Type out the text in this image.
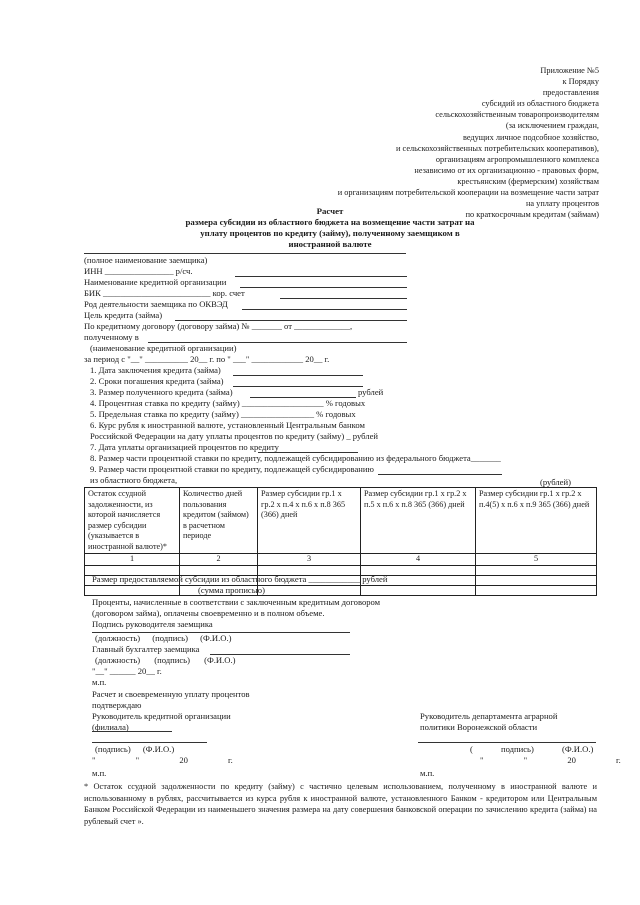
Приложение №5
к Порядку
предоставления
субсидий из областного бюджета
сельскохозяйственным товаропроизводителям
(за исключением граждан,
ведущих личное подсобное хозяйство,
и сельскохозяйственных потребительских кооперативов),
организациям агропромышленного комплекса
независимо от их организационно - правовых форм,
крестьянским (фермерским) хозяйствам
и организациям потребительской кооперации на возмещение части затрат
на уплату процентов
по краткосрочным кредитам (займам)
Расчет
размера субсидии из областного бюджета на возмещение части затрат на
уплату процентов по кредиту (займу), полученному заемщиком в
иностранной валюте
(полное наименование заемщика)
ИНН ________________ р/сч.
Наименование кредитной организации
БИК _________________________ кор. счет
Род деятельности заемщика по ОКВЭД
Цель кредита (займа)
По кредитному договору (договору займа) № _______ от _____________,
полученному в
(наименование кредитной организации)
за период с "__" __________ 20__ г. по " ___" ____________ 20__ г.
1. Дата заключения кредита (займа)
2. Сроки погашения кредита (займа)
3. Размер полученного кредита (займа)	рублей
4. Процентная ставка по кредиту (займу) ___________________ % годовых
5. Предельная ставка по кредиту (займу) _________________ % годовых
6. Курс рубля к иностранной валюте, установленный Центральным банком
Российской Федерации на дату уплаты процентов по кредиту (займу) _ рублей
7. Дата уплаты организацией процентов по кредиту
8. Размер части процентной ставки по кредиту, подлежащей субсидированию из федерального бюджета_______
9. Размер части процентной ставки по кредиту, подлежащей субсидированию
из областного бюджета,	(рублей)
Остаток ссудной задолженности, из которой начисляется размер субсидии (указывается в иностранной валюте)*	Количество дней пользования кредитом (займом) в расчетном периоде	Размер субсидии гр.1 x гр.2 x п.4 x п.6 x п.8 365 (366) дней	Размер субсидии гр.1 x гр.2 x п.5 x п.6 x п.8 365 (366) дней	Размер субсидии гр.1 x гр.2 x п.4(5) x п.6 x п.9 365 (366) дней
1	2	3	4	5

Размер предоставляемой субсидии из областного бюджета ____________ рублей
(сумма прописью)
Проценты, начисленные в соответствии с заключенным кредитным договором
(договором займа), оплачены своевременно и в полном объеме.
Подпись руководителя заемщика
(должность) (подпись) (Ф.И.О.)
Главный бухгалтер заемщика
(должность) (подпись) (Ф.И.О.)
"__" ______ 20__ г.
м.п.
Расчет и своевременную уплату процентов
подтверждаю
Руководитель кредитной организации
(филиала)
Руководитель департамента аграрной
политики Воронежской области
(подпись) (Ф.И.О.)
" " 20 г.
( подпись) (Ф.И.О.)
" " 20 г.
м.п.	м.п.
* Остаток ссудной задолженности по кредиту (займу) с частично целевым использованием, полученному в иностранной валюте и использованному в рублях, рассчитывается из курса рубля к иностранной валюте, установленного Банком - кредитором или Центральным Банком Российской Федерации из наименьшего значения размера на дату совершения банковской операции по зачислению кредита (займа) на рублевый счет ».
